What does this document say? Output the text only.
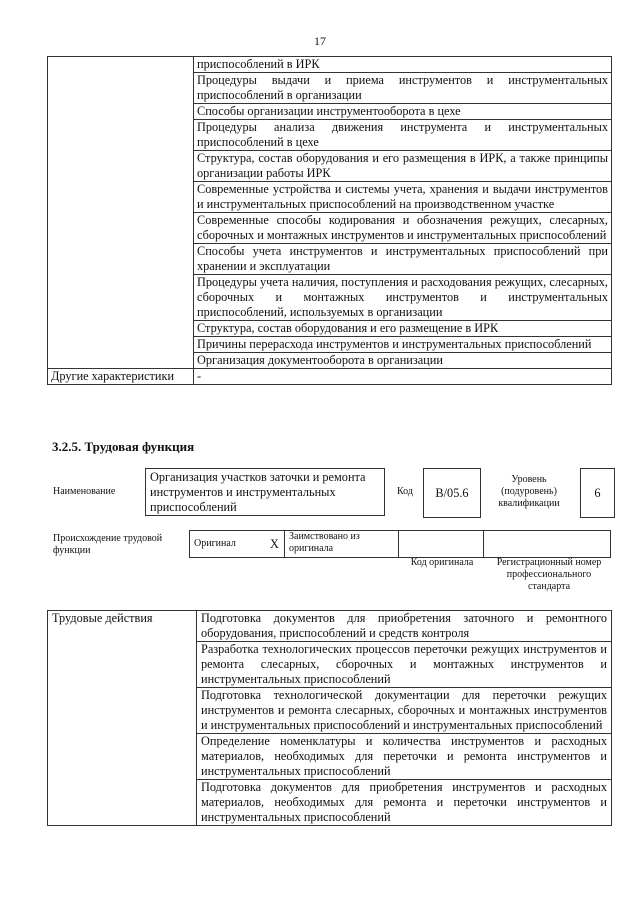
17
	приспособлений в ИРК
	Процедуры выдачи и приема инструментов и инструментальных приспособлений в организации
	Способы организации инструментооборота в цехе
	Процедуры анализа движения инструмента и инструментальных приспособлений в цехе
	Структура, состав оборудования и его размещения в ИРК, а также принципы организации работы ИРК
	Современные устройства и системы учета, хранения и выдачи инструментов и инструментальных приспособлений на производственном участке
	Современные способы кодирования и обозначения режущих, слесарных, сборочных и монтажных инструментов и инструментальных приспособлений
	Способы учета инструментов и инструментальных приспособлений при хранении и эксплуатации
	Процедуры учета наличия, поступления и расходования режущих, слесарных, сборочных и монтажных инструментов и инструментальных приспособлений, используемых в организации
	Структура, состав оборудования и его размещение в ИРК
	Причины перерасхода инструментов и инструментальных приспособлений
	Организация документооборота в организации
Другие характеристики	-
3.2.5. Трудовая функция
Наименование
Организация участков заточки и ремонта инструментов и инструментальных приспособлений
Код	B/05.6
Уровень (подуровень) квалификации
6
Происхождение трудовой функции
Оригинал	X	Заимствовано из оригинала		
Код оригинала	Регистрационный номер профессионального стандарта
Трудовые действия	Подготовка документов для приобретения заточного и ремонтного оборудования, приспособлений и средств контроля
Разработка технологических процессов переточки режущих инструментов и ремонта слесарных, сборочных и монтажных инструментов и инструментальных приспособлений
Подготовка технологической документации для переточки режущих инструментов и ремонта слесарных, сборочных и монтажных инструментов и инструментальных приспособлений и инструментальных приспособлений
Определение номенклатуры и количества инструментов и расходных материалов, необходимых для переточки и ремонта инструментов и инструментальных приспособлений
Подготовка документов для приобретения инструментов и расходных материалов, необходимых для ремонта и переточки инструментов и инструментальных приспособлений
